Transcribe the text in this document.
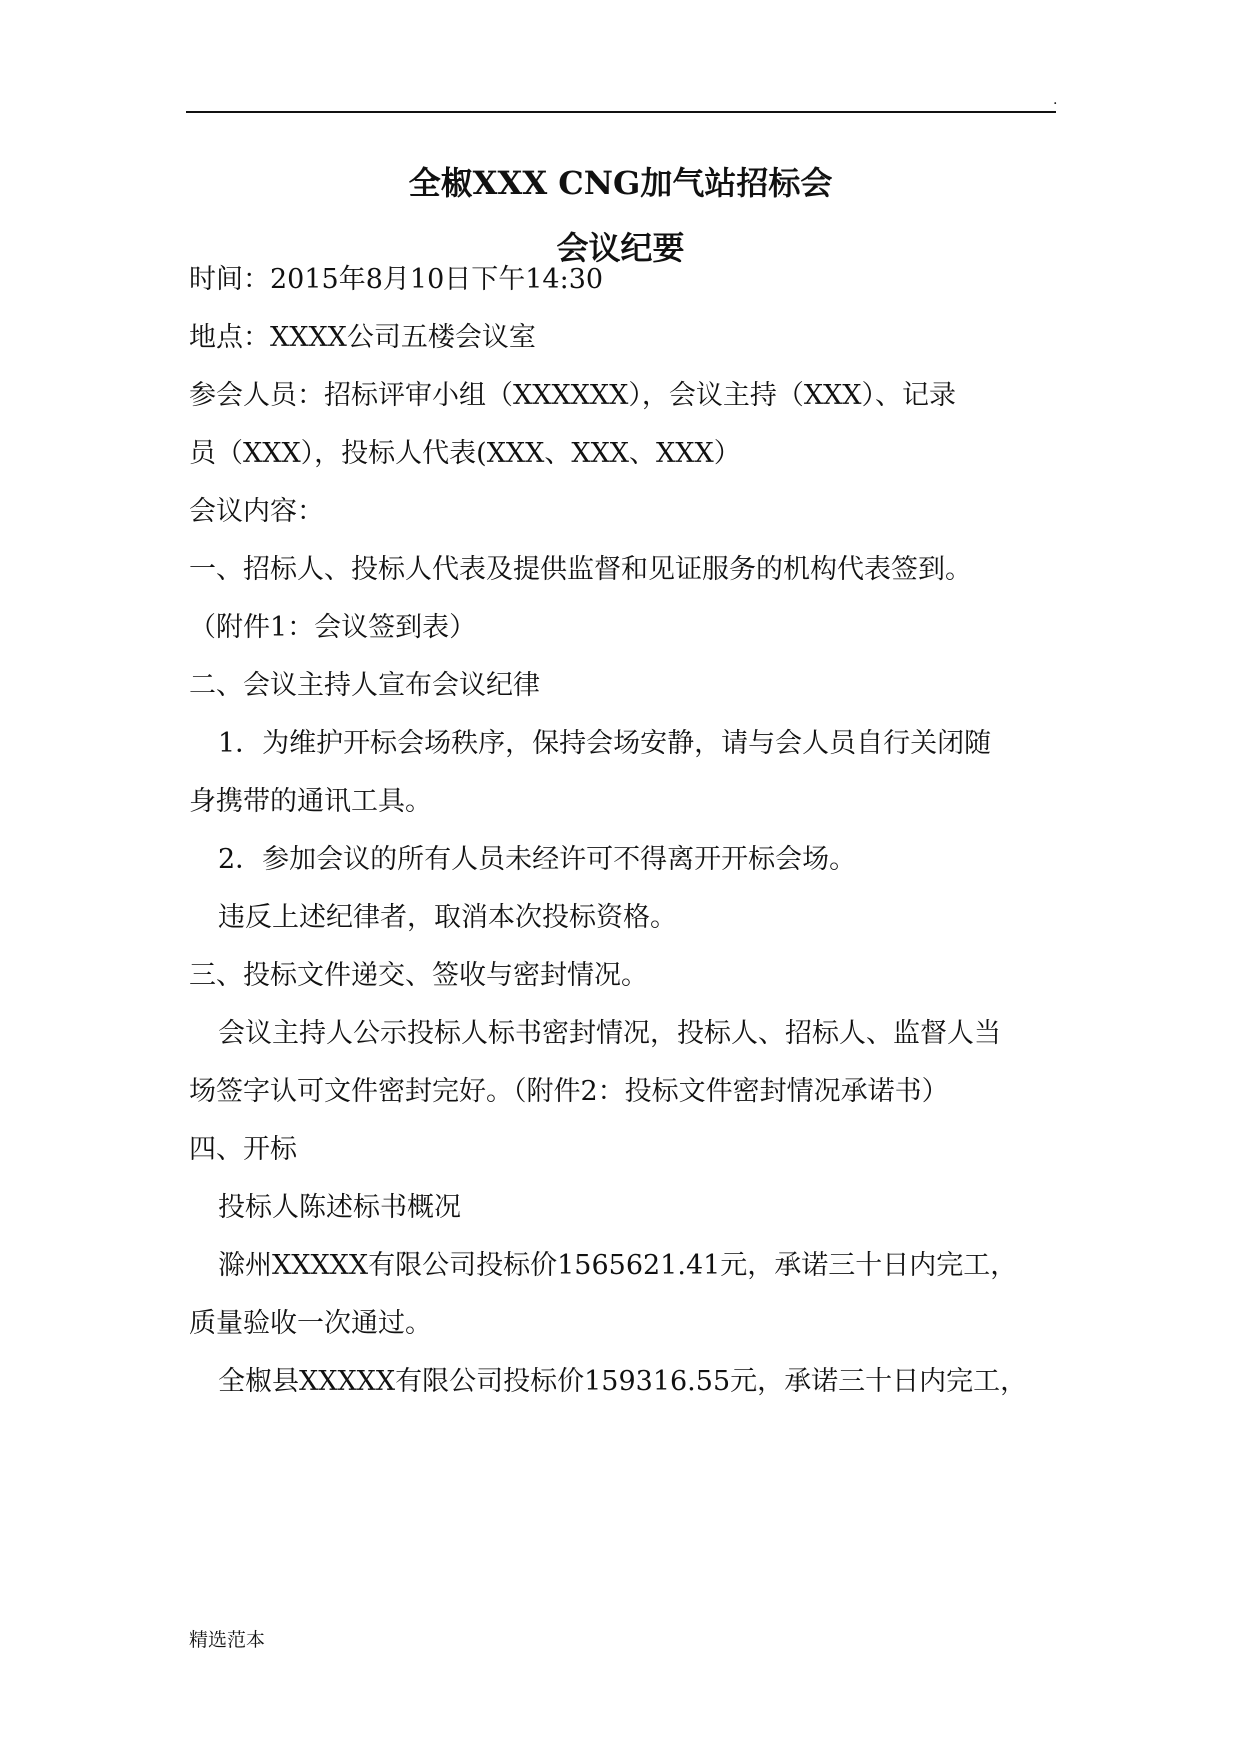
.
全椒XXX CNG加气站招标会
会议纪要
时间：2015年8月10日下午14:30
地点：XXXX公司五楼会议室
参会人员：招标评审小组（XXXXXX），会议主持（XXX）、记录
员（XXX），投标人代表(XXX、XXX、XXX）
会议内容：
一、招标人、投标人代表及提供监督和见证服务的机构代表签到。
（附件1：会议签到表）
二、会议主持人宣布会议纪律
1．为维护开标会场秩序，保持会场安静，请与会人员自行关闭随
身携带的通讯工具。
2．参加会议的所有人员未经许可不得离开开标会场。
违反上述纪律者，取消本次投标资格。
三、投标文件递交、签收与密封情况。
会议主持人公示投标人标书密封情况，投标人、招标人、监督人当
场签字认可文件密封完好。（附件2：投标文件密封情况承诺书）
四、开标
投标人陈述标书概况
滁州XXXXX有限公司投标价1565621.41元，承诺三十日内完工，
质量验收一次通过。
全椒县XXXXX有限公司投标价159316.55元，承诺三十日内完工，
精选范本
